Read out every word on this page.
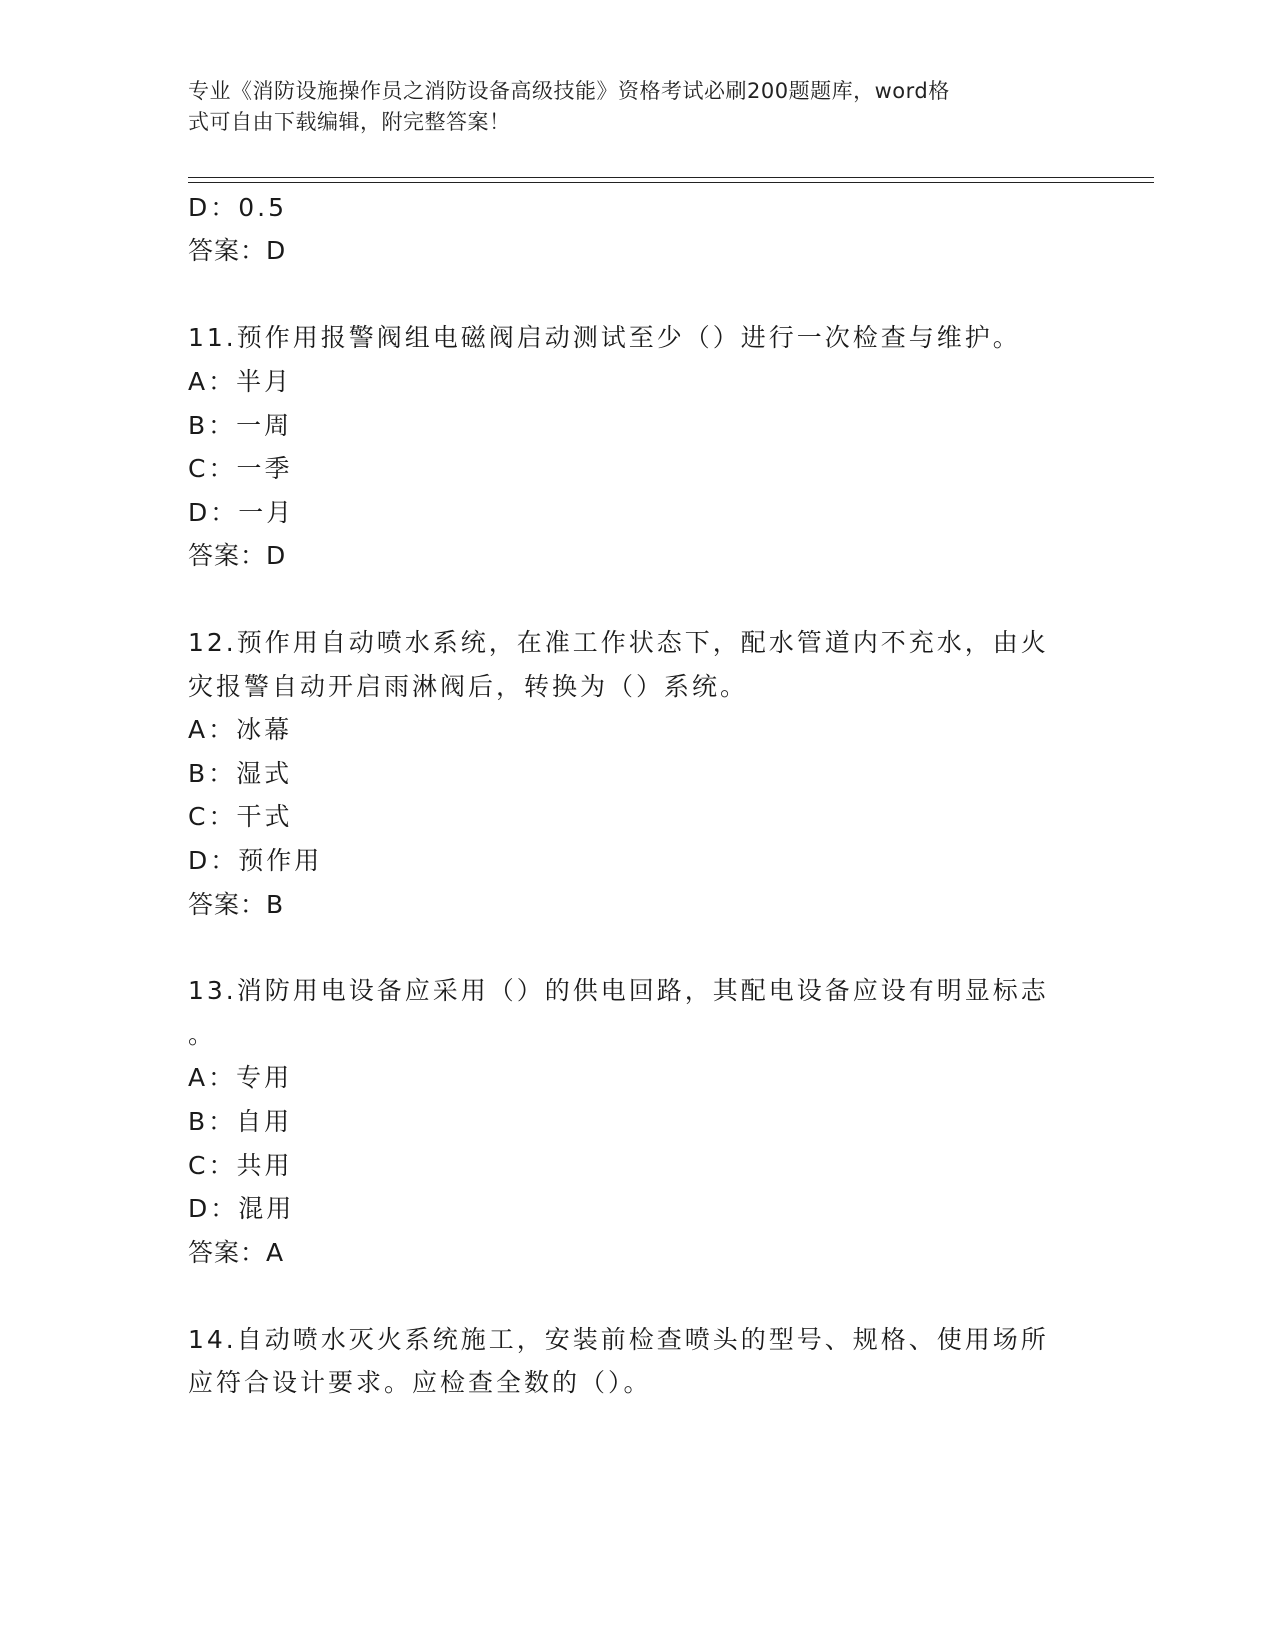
专业《消防设施操作员之消防设备高级技能》资格考试必刷200题题库，word格
式可自由下载编辑，附完整答案！
D：0.5
答案：D
11.预作用报警阀组电磁阀启动测试至少（）进行一次检查与维护。
A：半月
B：一周
C：一季
D：一月
答案：D
12.预作用自动喷水系统，在准工作状态下，配水管道内不充水，由火
灾报警自动开启雨淋阀后，转换为（）系统。
A：冰幕
B：湿式
C：干式
D：预作用
答案：B
13.消防用电设备应采用（）的供电回路，其配电设备应设有明显标志
。
A：专用
B：自用
C：共用
D：混用
答案：A
14.自动喷水灭火系统施工，安装前检查喷头的型号、规格、使用场所
应符合设计要求。应检查全数的（）。
